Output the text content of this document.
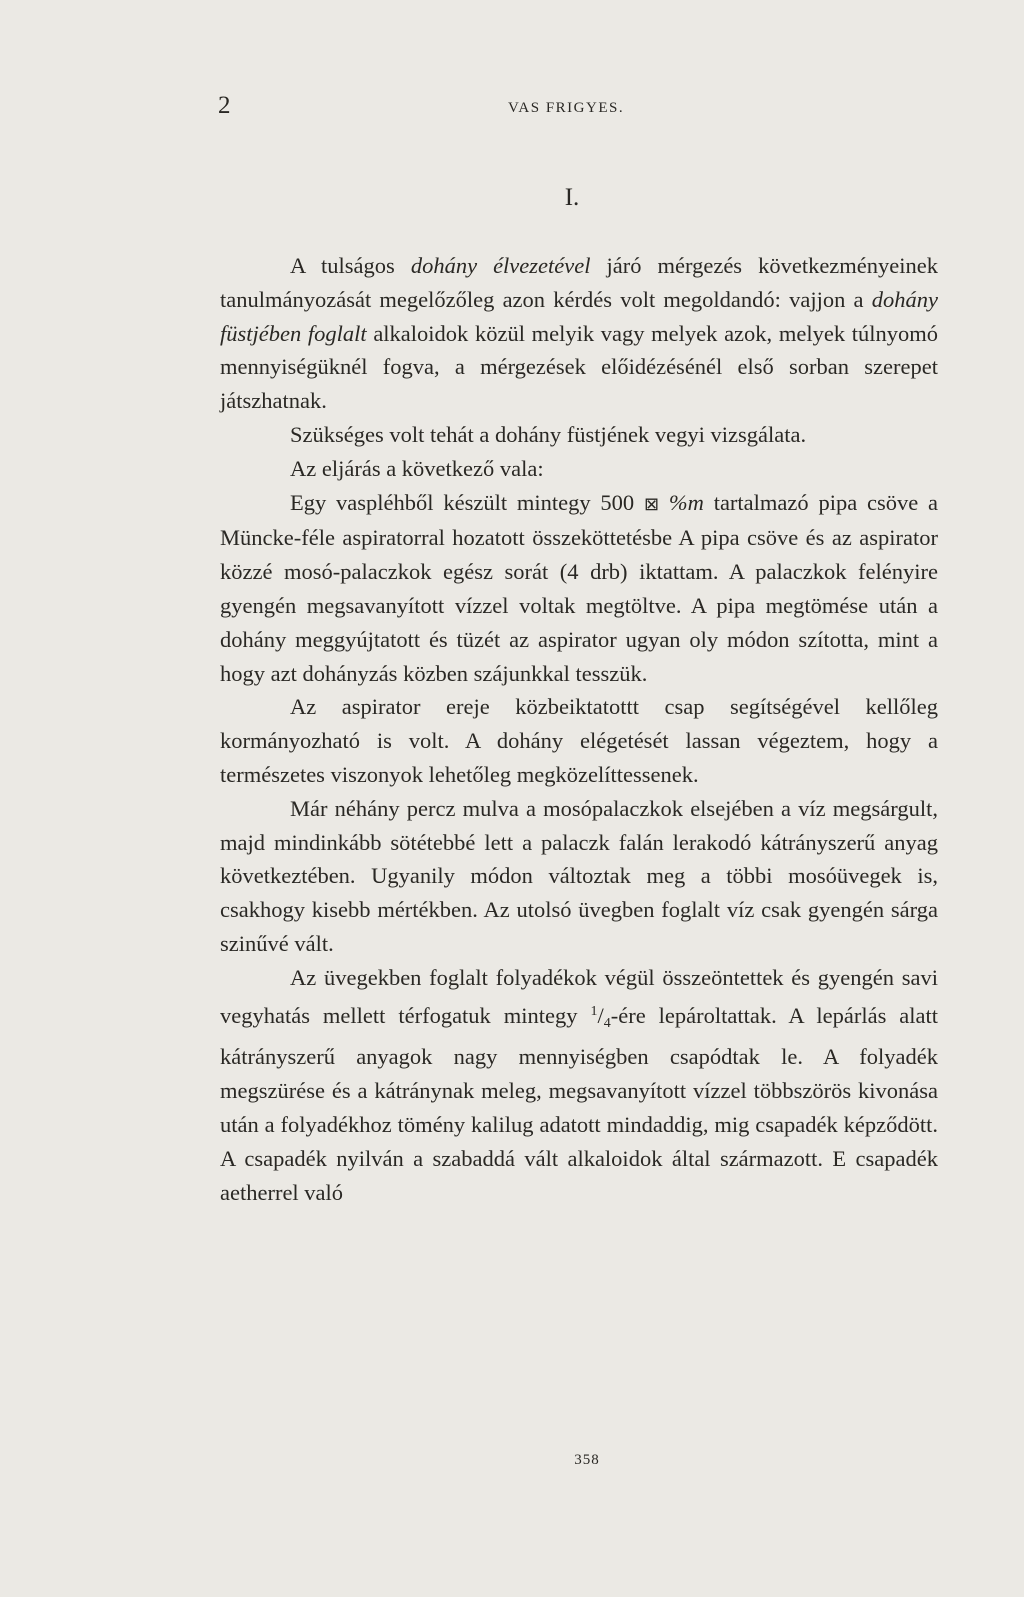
2	VAS FRIGYES.
I.

A tulságos dohány élvezetével járó mérgezés következményeinek tanulmányozását megelőzőleg azon kérdés volt megoldandó: vajjon a dohány füstjében foglalt alkaloidok közül melyik vagy melyek azok, melyek túlnyomó mennyiségüknél fogva, a mérgezések előidézésénél első sorban szerepet játszhatnak.

Szükséges volt tehát a dohány füstjének vegyi vizsgálata.

Az eljárás a következő vala:

Egy vaspléhből készült mintegy 500 ⊠ %m tartalmazó pipa csöve a Müncke-féle aspiratorral hozatott összeköttetésbe A pipa csöve és az aspirator közzé mosó-palaczkok egész sorát (4 drb) iktattam. A palaczkok felényire gyengén megsavanyított vízzel voltak megtöltve. A pipa megtömése után a dohány meggyújtatott és tüzét az aspirator ugyan oly módon szította, mint a hogy azt dohányzás közben szájunkkal tesszük.

Az aspirator ereje közbeiktatottt csap segítségével kellőleg kormányozható is volt. A dohány elégetését lassan végeztem, hogy a természetes viszonyok lehetőleg megközelíttessenek.

Már néhány percz mulva a mosópalaczkok elsejében a víz megsárgult, majd mindinkább sötétebbé lett a palaczk falán lerakodó kátrányszerű anyag következtében. Ugyanily módon változtak meg a többi mosóüvegek is, csakhogy kisebb mértékben. Az utolsó üvegben foglalt víz csak gyengén sárga szinűvé vált.

Az üvegekben foglalt folyadékok végül összeöntettek és gyengén savi vegyhatás mellett térfogatuk mintegy $^1/_4$-ére lepároltattak. A lepárlás alatt kátrányszerű anyagok nagy mennyiségben csapódtak le. A folyadék megszürése és a kátránynak meleg, megsavanyított vízzel többszörös kivonása után a folyadékhoz tömény kalilug adatott mindaddig, mig csapadék képződött. A csapadék nyilván a szabaddá vált alkaloidok által származott. E csapadék aetherrel való

358
